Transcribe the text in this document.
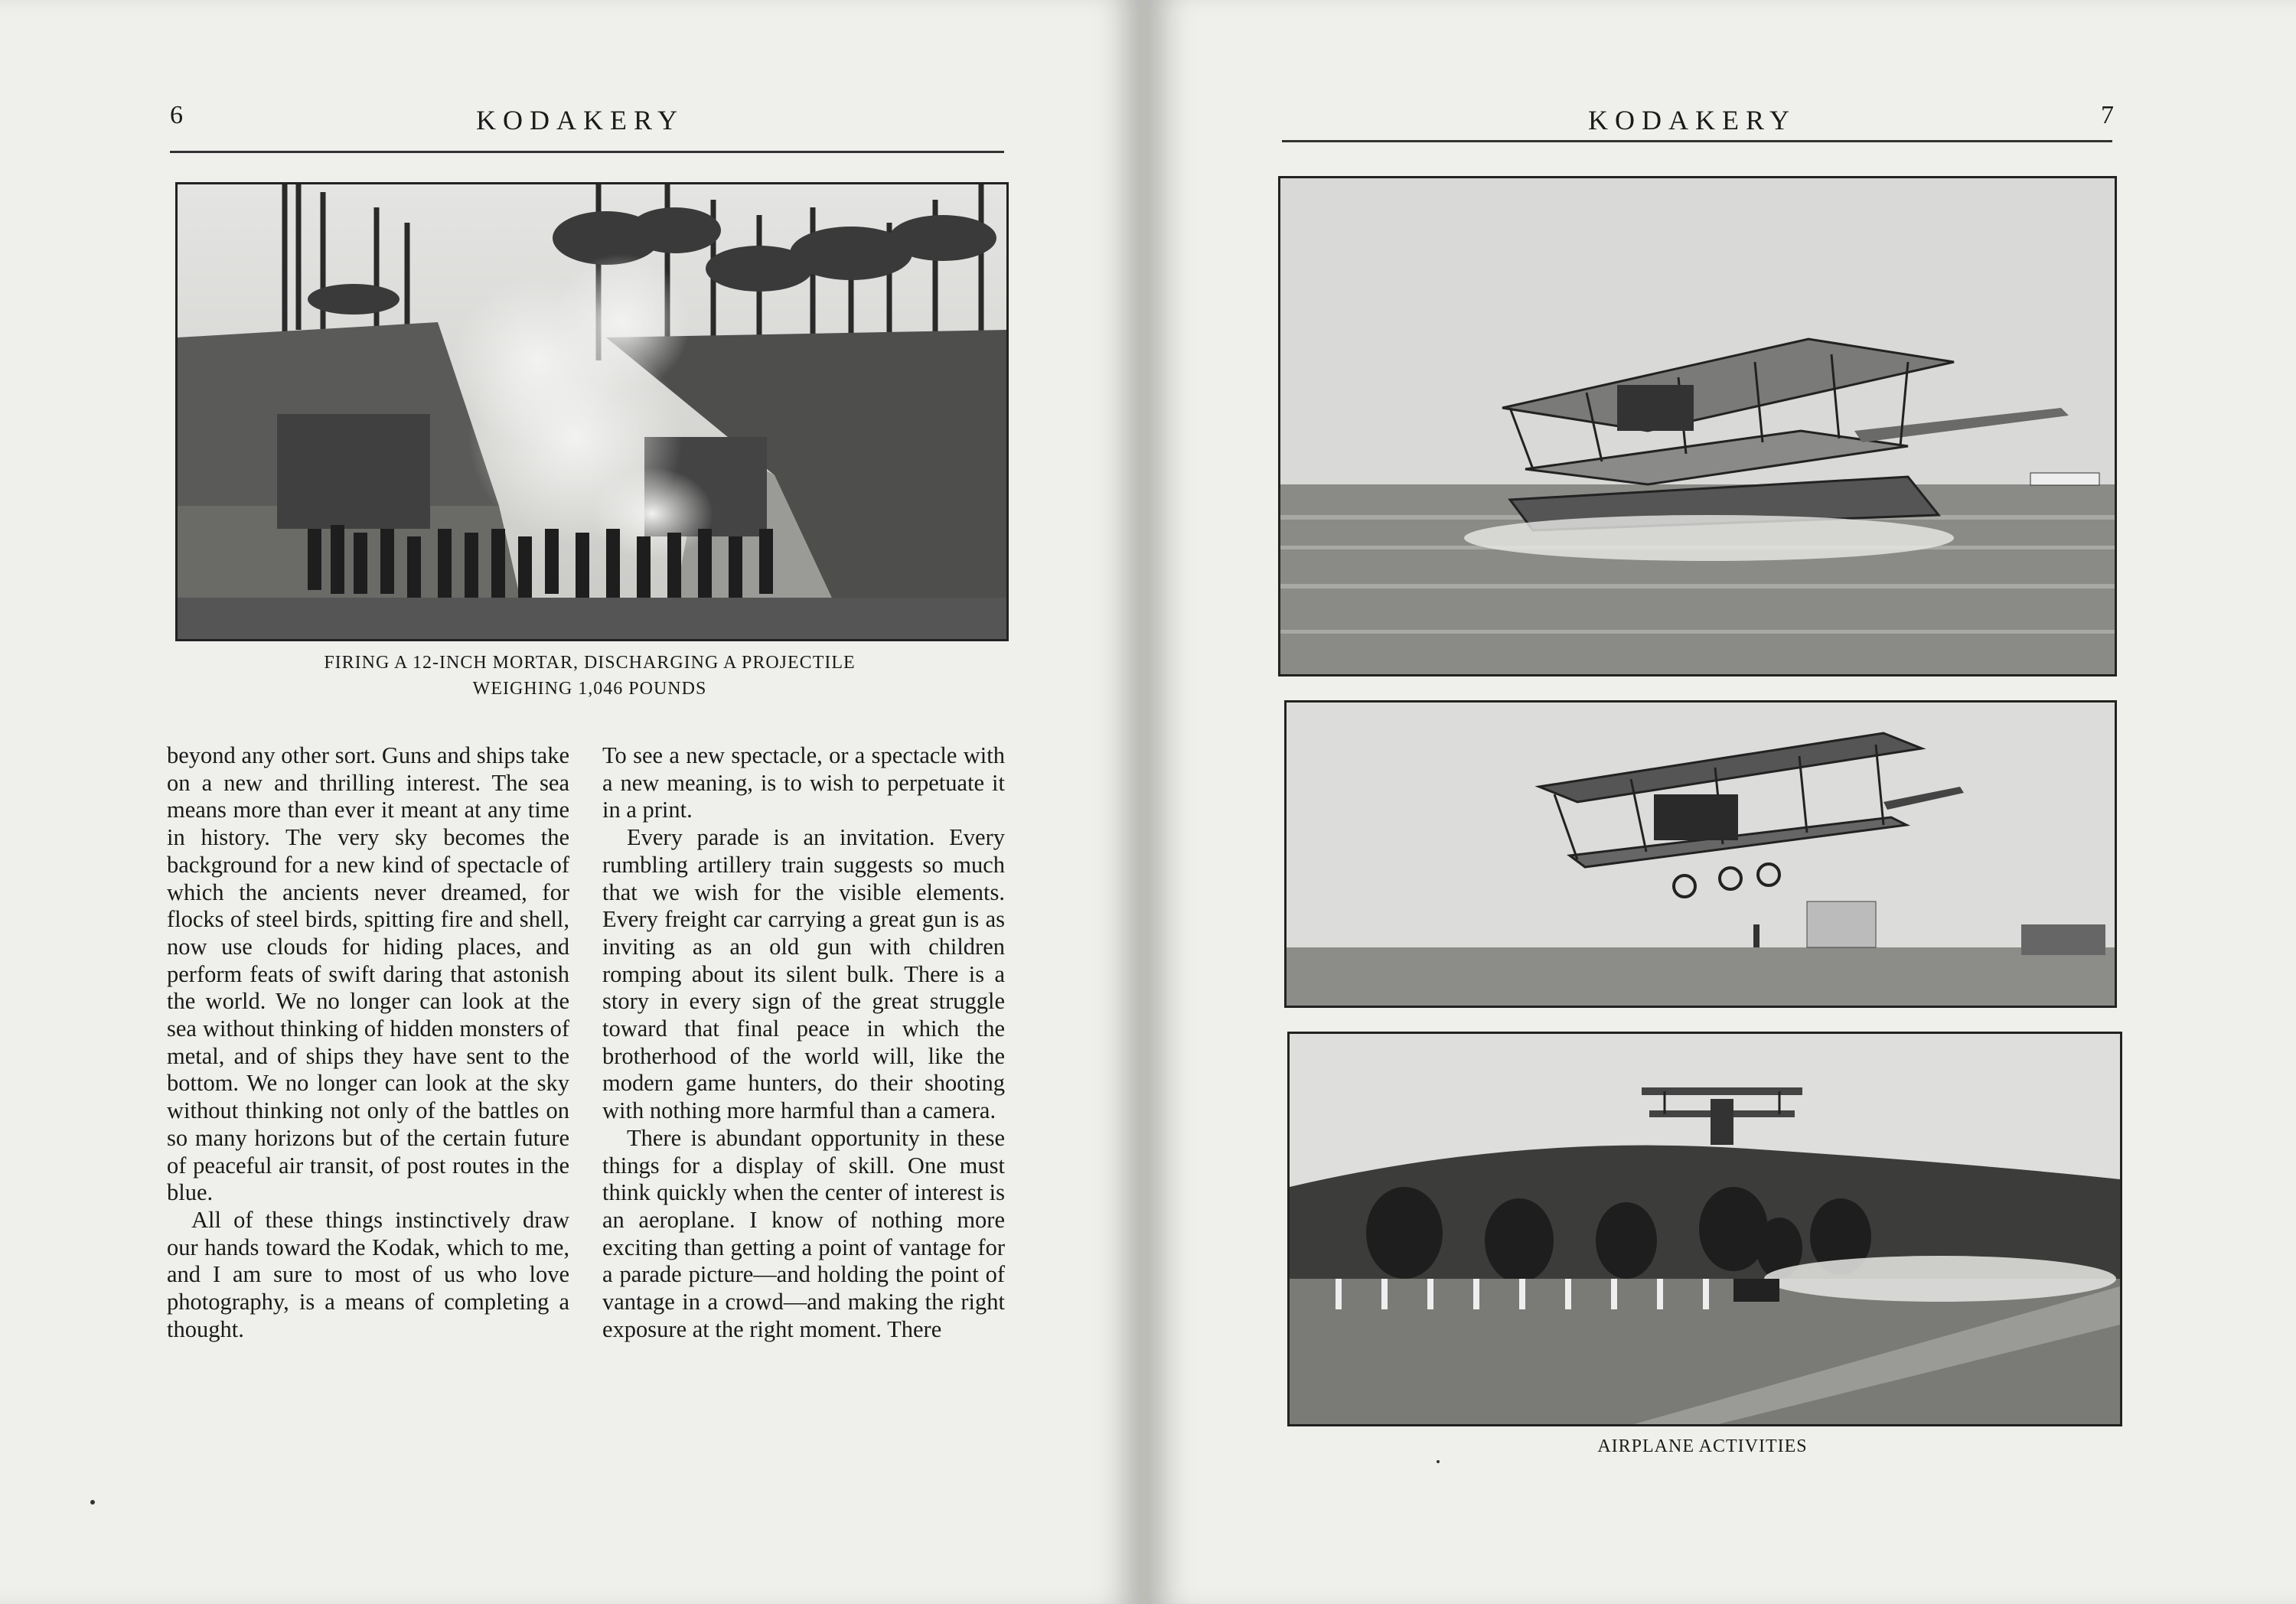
6	KODAKERY
FIRING A 12-INCH MORTAR, DISCHARGING A PROJECTILE
WEIGHING 1,046 POUNDS

beyond any other sort. Guns and ships take on a new and thrilling interest. The sea means more than ever it meant at any time in history. The very sky becomes the background for a new kind of spectacle of which the ancients never dreamed, for flocks of steel birds, spitting fire and shell, now use clouds for hiding places, and perform feats of swift daring that astonish the world. We no longer can look at the sea without thinking of hidden monsters of metal, and of ships they have sent to the bottom. We no longer can look at the sky without thinking not only of the battles on so many horizons but of the certain future of peaceful air transit, of post routes in the blue.

All of these things instinctively draw our hands toward the Kodak, which to me, and I am sure to most of us who love photography, is a means of completing a thought.

To see a new spectacle, or a spectacle with a new meaning, is to wish to perpetuate it in a print.

Every parade is an invitation. Every rumbling artillery train suggests so much that we wish for the visible elements. Every freight car carrying a great gun is as inviting as an old gun with children romping about its silent bulk. There is a story in every sign of the great struggle toward that final peace in which the brotherhood of the world will, like the modern game hunters, do their shooting with nothing more harmful than a camera.

There is abundant opportunity in these things for a display of skill. One must think quickly when the center of interest is an aeroplane. I know of nothing more exciting than getting a point of vantage for a parade picture—and holding the point of vantage in a crowd—and making the right exposure at the right moment. There

KODAKERY	7
AIRPLANE ACTIVITIES
